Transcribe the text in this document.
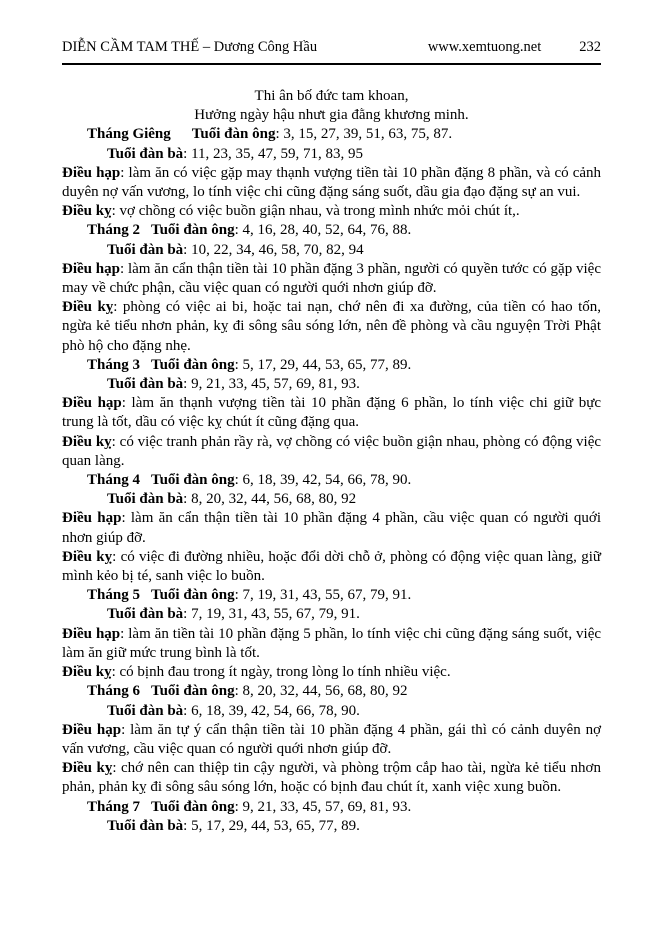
DIỄN CẦM TAM THẾ – Dương Công Hầu	www.xemtuong.net	232

Thi ân bố đức tam khoan,

Hưởng ngày hậu nhưt gia đằng khương minh.

Tháng Giêng Tuổi đàn ông: 3, 15, 27, 39, 51, 63, 75, 87.

Tuổi đàn bà: 11, 23, 35, 47, 59, 71, 83, 95

Điều hạp: làm ăn có việc gặp may thạnh vượng tiền tài 10 phần đặng 8 phần, và có cảnh duyên nợ vấn vương, lo tính việc chi cũng đặng sáng suốt, dầu gia đạo đặng sự an vui.

Điều kỵ: vợ chồng có việc buồn giận nhau, và trong mình nhức mỏi chút ít,.

Tháng 2 Tuổi đàn ông: 4, 16, 28, 40, 52, 64, 76, 88.

Tuổi đàn bà: 10, 22, 34, 46, 58, 70, 82, 94

Điều hạp: làm ăn cẩn thận tiền tài 10 phần đặng 3 phần, người có quyền tước có gặp việc may về chức phận, cầu việc quan có người quới nhơn giúp đỡ.

Điều kỵ: phòng có việc ai bi, hoặc tai nạn, chớ nên đi xa đường, của tiền có hao tốn, ngừa kẻ tiểu nhơn phản, kỵ đi sông sâu sóng lớn, nên đề phòng và cầu nguyện Trời Phật phò hộ cho đặng nhẹ.

Tháng 3 Tuổi đàn ông: 5, 17, 29, 44, 53, 65, 77, 89.

Tuổi đàn bà: 9, 21, 33, 45, 57, 69, 81, 93.

Điều hạp: làm ăn thạnh vượng tiền tài 10 phần đặng 6 phần, lo tính việc chi giữ bực trung là tốt, dầu có việc kỵ chút ít cũng đặng qua.

Điều kỵ: có việc tranh phản rầy rà, vợ chồng có việc buồn giận nhau, phòng có động việc quan làng.

Tháng 4 Tuổi đàn ông: 6, 18, 39, 42, 54, 66, 78, 90.

Tuổi đàn bà: 8, 20, 32, 44, 56, 68, 80, 92

Điều hạp: làm ăn cẩn thận tiền tài 10 phần đặng 4 phần, cầu việc quan có người quới nhơn giúp đỡ.

Điều kỵ: có việc đi đường nhiều, hoặc đổi dời chỗ ở, phòng có động việc quan làng, giữ mình kẻo bị té, sanh việc lo buồn.

Tháng 5 Tuổi đàn ông: 7, 19, 31, 43, 55, 67, 79, 91.

Tuổi đàn bà: 7, 19, 31, 43, 55, 67, 79, 91.

Điều hạp: làm ăn tiền tài 10 phần đặng 5 phần, lo tính việc chi cũng đặng sáng suốt, việc làm ăn giữ mức trung bình là tốt.

Điều kỵ: có bịnh đau trong ít ngày, trong lòng lo tính nhiều việc.

Tháng 6 Tuổi đàn ông: 8, 20, 32, 44, 56, 68, 80, 92

Tuổi đàn bà: 6, 18, 39, 42, 54, 66, 78, 90.

Điều hạp: làm ăn tự ý cẩn thận tiền tài 10 phần đặng 4 phần, gái thì có cảnh duyên nợ vấn vương, cầu việc quan có người quới nhơn giúp đỡ.

Điều kỵ: chớ nên can thiệp tin cậy người, và phòng trộm cắp hao tài, ngừa kẻ tiểu nhơn phản, phản kỵ đi sông sâu sóng lớn, hoặc có bịnh đau chút ít, xanh việc xung buồn.

Tháng 7 Tuổi đàn ông: 9, 21, 33, 45, 57, 69, 81, 93.

Tuổi đàn bà: 5, 17, 29, 44, 53, 65, 77, 89.
